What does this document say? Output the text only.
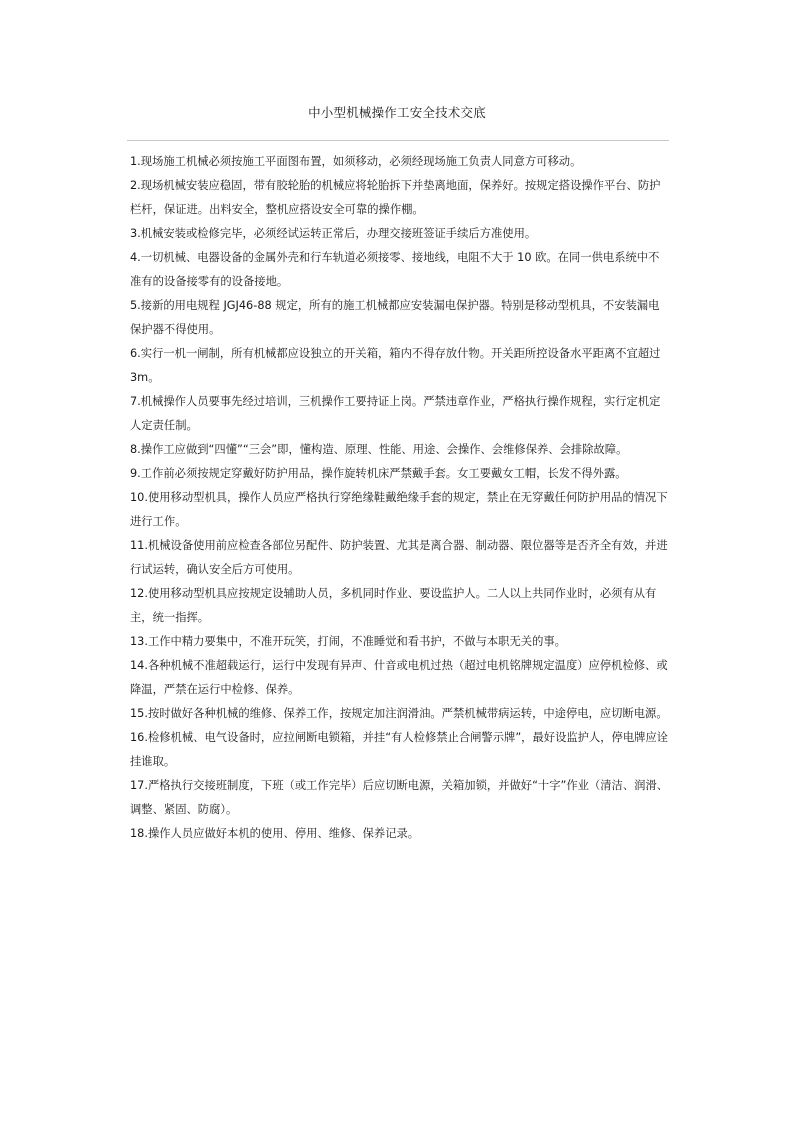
中小型机械操作工安全技术交底
1.现场施工机械必须按施工平面图布置，如须移动，必须经现场施工负责人同意方可移动。
2.现场机械安装应稳固，带有胶轮胎的机械应将轮胎拆下并垫离地面，保养好。按规定搭设操作平台、防护栏杆，保证进。出料安全，整机应搭设安全可靠的操作棚。
3.机械安装或检修完毕，必须经试运转正常后，办理交接班签证手续后方准使用。
4.一切机械、电器设备的金属外壳和行车轨道必须接零、接地线，电阻不大于 10 欧。在同一供电系统中不准有的设备接零有的设备接地。
5.接新的用电规程 JGJ46-88 规定，所有的施工机械都应安装漏电保护器。特别是移动型机具，不安装漏电保护器不得使用。
6.实行一机一闸制，所有机械都应设独立的开关箱，箱内不得存放什物。开关距所控设备水平距离不宜超过 3m。
7.机械操作人员要事先经过培训，三机操作工要持证上岗。严禁违章作业，严格执行操作规程，实行定机定人定责任制。
8.操作工应做到“四懂”“三会”即，懂构造、原理、性能、用途、会操作、会维修保养、会排除故障。
9.工作前必须按规定穿戴好防护用品，操作旋转机床严禁戴手套。女工要戴女工帽，长发不得外露。
10.使用移动型机具，操作人员应严格执行穿绝缘鞋戴绝缘手套的规定，禁止在无穿戴任何防护用品的情况下进行工作。
11.机械设备使用前应检查各部位另配件、防护装置、尤其是离合器、制动器、限位器等是否齐全有效，并进行试运转，确认安全后方可使用。
12.使用移动型机具应按规定设辅助人员，多机同时作业、要设监护人。二人以上共同作业时，必须有从有主，统一指挥。
13.工作中精力要集中，不准开玩笑，打闹，不准睡觉和看书护，不做与本职无关的事。
14.各种机械不准超载运行，运行中发现有异声、什音或电机过热（超过电机铭牌规定温度）应停机检修、或降温，严禁在运行中检修、保养。
15.按时做好各种机械的维修、保养工作，按规定加注润滑油。严禁机械带病运转，中途停电，应切断电源。
16.检修机械、电气设备时，应拉闸断电锁箱，并挂“有人检修禁止合闸警示牌”，最好设监护人，停电牌应诠挂谁取。
17.严格执行交接班制度，下班（或工作完毕）后应切断电源，关箱加锁，并做好“十字”作业（清洁、润滑、调整、紧固、防腐）。
18.操作人员应做好本机的使用、停用、维修、保养记录。
